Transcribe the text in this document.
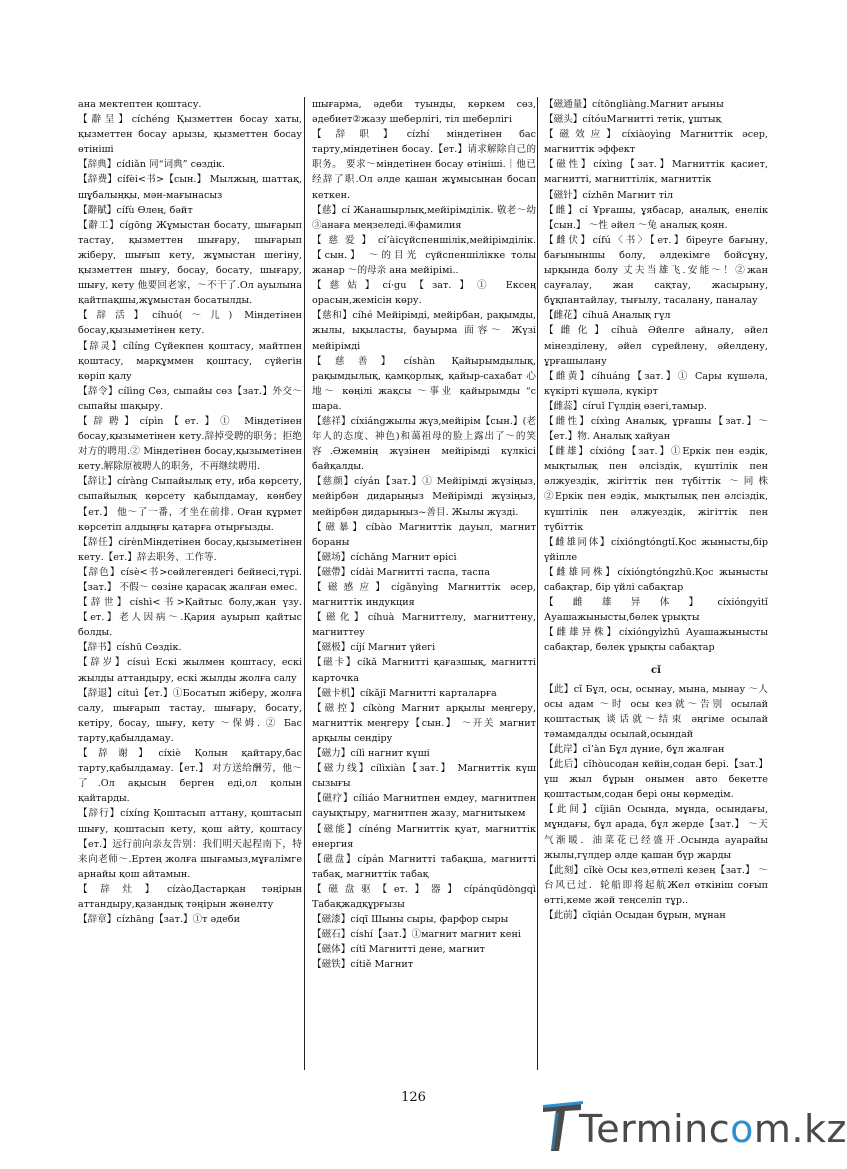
ана мектептен қоштасу.

【辭呈】cíchéng Қызметтен босау хаты, қызметтен босау арызы, қызметтен босау өтініші

【辞典】cídiǎn 同“词典” сөздік.

【辞费】cífèi<书>【сын.】 Мылжың, шаттақ, шұбалыңқы, мән-мағынасыз

【辭賦】cífù Өлең, бәйт

【辭工】cígōng Жұмыстан босату, шығарып тастау, қызметтен шығару, шығарып жіберу, шығып кету, жұмыстан шегіну, қызметтен шығу, босау, босату, шығару, шығу, кету 他要回老家，～不干了.Ол ауылына қайтпақшы,жұмыстан босатылды.

【辞活】cíhuó(～儿) Міндетінен босау,қызыметінен кету.

【辞灵】cílíng Сүйекпен қоштасу, майтпен қоштасу, марқұммен қоштасу, сүйегін көріп қалу

【辞令】cílìng Сөз, сыпайы сөз【зат.】外交～ сыпайы шақыру.

【辞聘】cípìn【ет.】① Міндетінен босау,қызыметінен кету.辞掉受聘的职务；拒绝对方的聘用.② Міндетінен босау,қызыметінен кету.解除原被聘人的职务，不再继续聘用.

【辞让】círàng Сыпайылық ету, иба көрсету, сыпайылық көрсету қабылдамау, көнбеу【ет.】 他～了一番，才坐在前排. Оған құрмет көрсетіп алдыңғы қатарға отырғызды.

【辞任】círènМіндетінен босау,қызыметінен кету.【ет.】辞去职务、工作等.

【辞色】císè<书>сөйлегендегі бейнесі,түрі.【зат.】 不假～ сөзіне қарасақ жалған емес.

【辞世】císhì<书>Қайтыс болу,жан үзу.【ет.】老人因病～.Қария ауырып қайтыс болды.

【辞书】císhū Сөздік.

【辞岁】císuì Ескі жылмен қоштасу, ескі жылды аттандыру, ескі жылды жолға салу

【辞退】cítuì【ет.】①Босатып жіберу, жолға салу, шығарып тастау, шығару, босату, кетіру, босау, шығу, кету ～保姆. ② Бас тарту,қабылдамау.

【辞谢】cíxiè Қолын қайтару,бас тарту,қабылдамау.【ет.】 对方送给酬劳，他～了.Ол ақысын берген еді,ол қолын қайтарды.

【辞行】cíxíng Қоштасып аттану, қоштасып шығу, қоштасып кету, қош айту, қоштасу【ет.】远行前向亲友告别：我们明天起程南下，特来向老师～.Ертең жолға шығамыз,мұғалімге арнайы қош айтамын.

【辞灶】cízàoДастарқан тәңірын аттандыру,қазандық тәңірын жөнелту

【辞章】cízhāng【зат.】①т әдеби

шығарма, әдеби туынды, көркем сөз, әдебиет②жазу шеберлігі, тіл шеберлігі

【辞职】cízhí міндетінен бас тарту,міндетінен босау.【ет.】请求解除自己的职务。 要求～міндетінен босау өтініші.｜他已经辞了职.Ол әлде қашан жұмысынан босап кеткен.

【慈】cí Жанашырлық,мейірімділік. 敬老～幼 ③анаға меңзеледі.④фамилия

【慈爱】cí’àiсүйспеншілік,мейірімділік.【сын.】 ～的目光 сүйспеншілікке толы жанар ～的母亲 ана мейірімі..

【慈姑】cí·gu【зат.】① Ексең орасын,жемісін көру.

【慈和】cíhé Мейірімді, мейірбан, рақымды, жылы, ықыласты, бауырма 面容～ Жүзі мейірімді

【慈善】císhàn Қайырымдылық, рақымдылық, қамқорлық, қайыр-сахабат 心地～ көңілі жақсы ～事业 қайырымды “с шара.

【慈祥】cíxiángжылы жүз,мейірім【сын.】(老年人的态度、神色)和蔼祖母的脸上露出了～的笑容.Әжемнің жүзінен мейірімді күлкісі байқалды.

【慈颜】cíyán【зат.】① Мейірімді жүзіңыз, мейірбән дидарыңыз Мейірімді жүзіңыз, мейірбән дидарыңыз~善目. Жылы жүзді.

【磁暴】cíbào Магниттік дауыл, магнит бораны

【磁场】cíchǎng Магнит өрісі

【磁帶】cídài Магнитті таспа, таспа

【磁感应】cígǎnyìng Магниттік әсер, магниттік индукция

【磁化】cíhuà Магниттелу, магниттену, магниттеу

【磁极】cíjí Магнит үйегі

【磁卡】cíkǎ Магнитті қағазшық, магнитті карточка

【磁卡机】cíkǎjī Магнитті карталарға

【磁控】cíkòng Магнит арқылы меңгеру, магниттік меңгеру【сын.】 ～开关 магнит арқылы сендіру

【磁力】cílì нагнит күші

【磁力线】cílìxiàn【зат.】 Магниттік күш сызығы

【磁疗】cíliáo Магнитпен емдеу, магнитпен сауықтыру, магнитпен жазу, магнитыкем

【磁能】cínéng Магниттік қуат, магниттік енергия

【磁盘】cípán Магнитті табақша, магнитті табақ, магниттік табақ

【磁盘驱【ет.】器】cípánqūdòngqì Табақжадқұрғызы

【磁漆】cíqī Шыны сыры, фарфор сыры

【磁石】císhí【зат.】①магнит магнит кені

【磁体】cítǐ Магнитті дене, магнит

【磁铁】cítiě Магнит

【磁通量】cítōngliàng.Магнит ағыны

【磁头】cítóuМагнитті тетік, ұштық

【磁效应】cíxiàoyìng Магниттік әсер, магниттік эффект

【磁性】cíxìng【зат.】Магниттік қасиет, магнитті, магниттілік, магниттік

【磁针】cízhēn Магнит тіл

【雌】cí Ұрғашы, ұябасар, аналық, енелік【сын.】 ～性 әйел ～兔 аналық қоян.

【雌伏】cífú〈书〉【ет.】біреуге бағыну, бағыныншы болу, әлдекімге бойсұну, ырқында болу 丈夫当雄飞.安能～！②жан сауғалау, жан сақтау, жасырыну, бұқпантайлау, тығылу, тасалану, паналау

【雌花】cíhuā Аналық гүл

【雌化】cíhuà Әйелге айналу, әйел мінезділену, әйел сүрейлену, әйелдену, ұрғашылану

【雌黄】cíhuáng【зат.】① Сары күшәла, күкірті күшәла, күкірт

【雌蕊】círuǐ Гүлдің өзегі,тамыр.

【雌性】cíxìng Аналық, ұрғашы【зат.】～【ет.】物. Аналық хайуан

【雌雄】cíxióng【зат.】①Еркік пен еэдік, мықтылық пен әлсіздік, күштілік пен әлжуездік, жігіттік пен түбіттік ～同株 ②Еркік пен еэдік, мықтылық пен әлсіздік, күштілік пен әлжуездік, жігіттік пен түбіттік

【雌雄同体】cíxióngtóngtǐ.Қос жынысты,бір үйіпле

【雌雄同株】cíxióngtóngzhū.Қос жынысты сабақтар, бір үйлі сабақтар

【雌雄异体】cíxióngyìtǐ Ауашажынысты,бөлек ұрықты

【雌雄异株】cíxióngyìzhū Ауашажынысты сабақтар, бөлек ұрықты сабақтар

cǐ

【此】cǐ Бұл, осы, осынау, мына, мынау ～人 осы адам ～时 осы кез就～告别 осылай қоштастық 谈话就～结束 әңгіме осылай тәмамдалды осылай,осындай

【此岸】cǐ’àn Бұл дүние, бұл жалған

【此后】cǐhòuсодан кейін,содан бері.【зат.】үш жыл бұрын онымен авто бекетте қоштастым,содан бері оны көрмедім.

【此间】cǐjiān Осында, мұнда, осындағы, мұндағы, бұл арада, бұл жерде【зат.】 ～天气渐暖．油菜花已经盛开.Осында ауарайы жылы,гүлдер әлде қашан бүр жарды

【此刻】cǐkè Осы кез,өтпелі кезең【зат.】 ～台风已过．轮船即将起航Жел өткініш соғып өтті,кеме жәй теңселіп тұр..

【此前】cǐqián Осыдан бұрын, мұнан

126
Termincom.kz
